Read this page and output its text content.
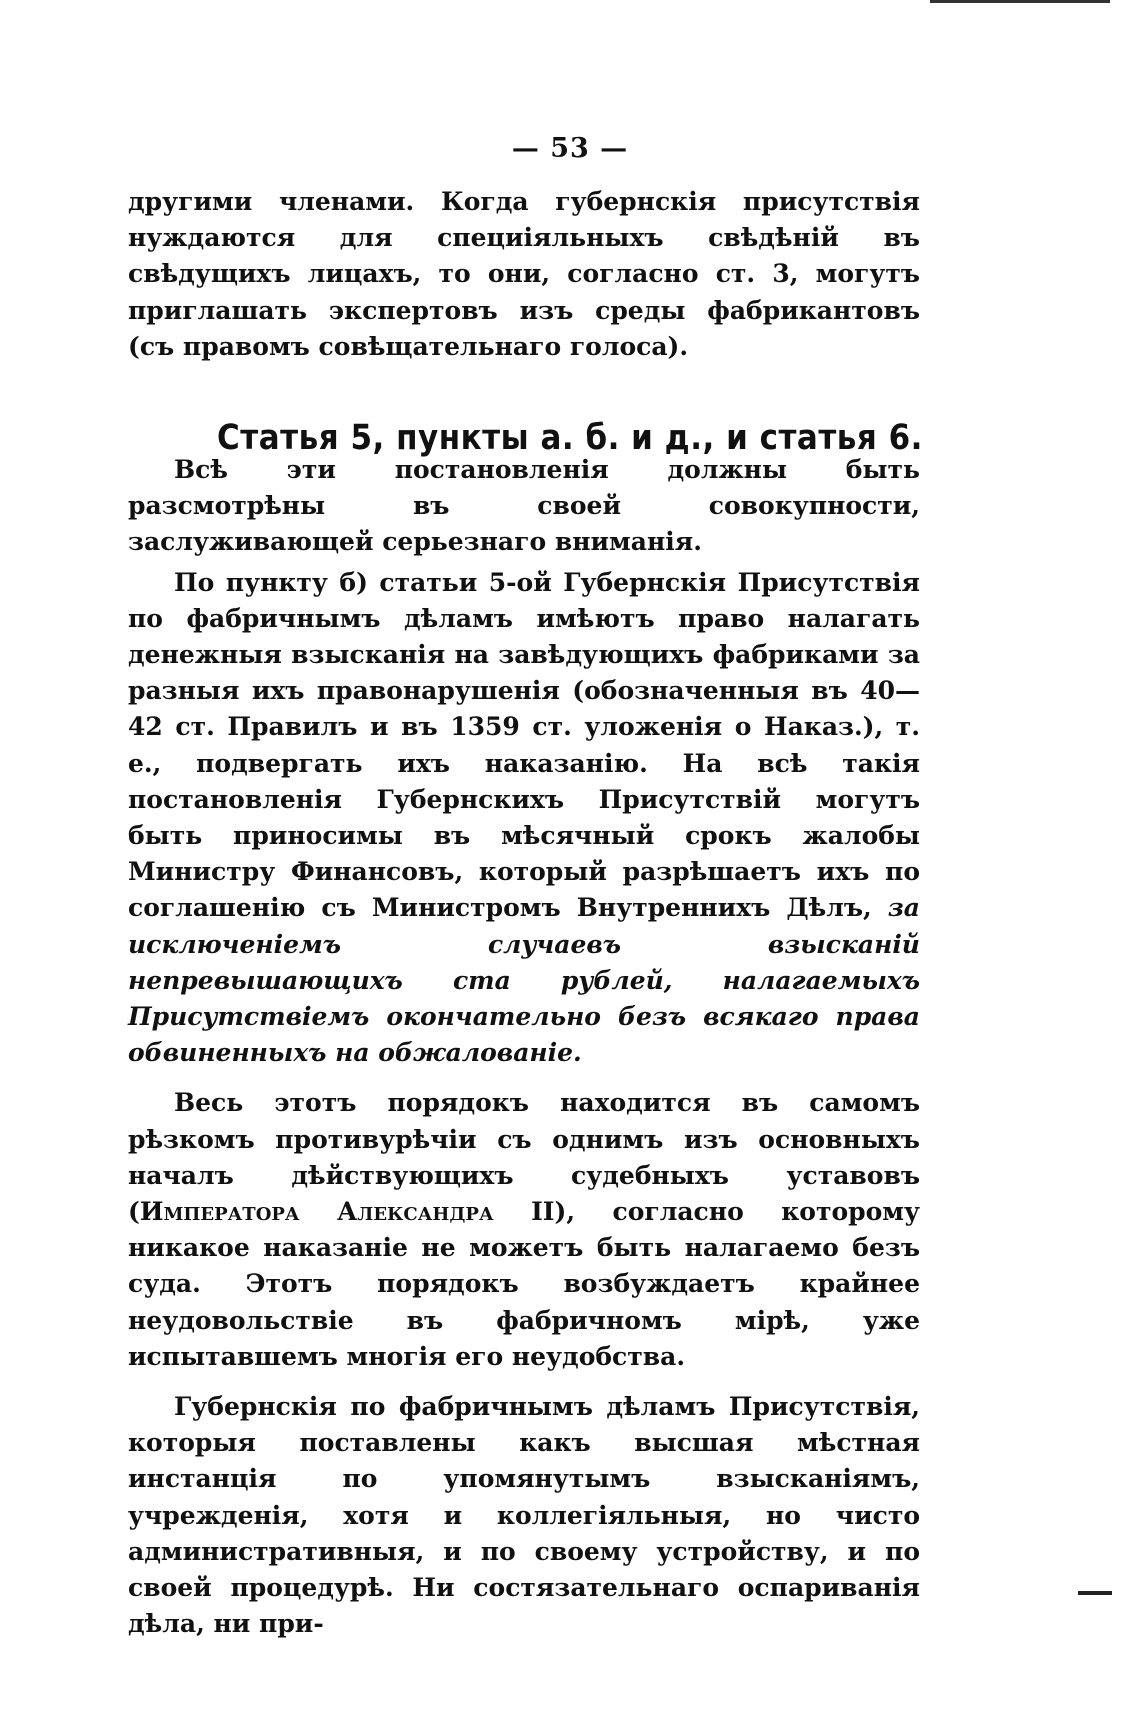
— 53 —

другими членами. Когда губернскія присутствія нуждаются для специіяльныхъ свѣдѣній въ свѣдущихъ лицахъ, то они, согласно ст. 3, могутъ приглашать экспертовъ изъ среды фабрикантовъ (съ правомъ совѣщательнаго голоса).

Статья 5, пункты а. б. и д., и статья 6.

Всѣ эти постановленія должны быть разсмотрѣны въ своей совокупности, заслуживающей серьезнаго вниманія.

По пункту б) статьи 5-ой Губернскія Присутствія по фабричнымъ дѣламъ имѣютъ право налагать денежныя взысканія на завѣдующихъ фабриками за разныя ихъ правонарушенія (обозначенныя въ 40—42 ст. Правилъ и въ 1359 ст. уложенія о Наказ.), т. е., подвергать ихъ наказанію. На всѣ такія постановленія Губернскихъ Присутствій могутъ быть приносимы въ мѣсячный срокъ жалобы Министру Финансовъ, который разрѣшаетъ ихъ по соглашенію съ Министромъ Внутреннихъ Дѣлъ, за исключеніемъ случаевъ взысканій непревышающихъ ста рублей, налагаемыхъ Присутствіемъ окончательно безъ всякаго права обвиненныхъ на обжалованіе.

Весь этотъ порядокъ находится въ самомъ рѣзкомъ противурѣчіи съ однимъ изъ основныхъ началъ дѣйствующихъ судебныхъ уставовъ (Императора Александра II), согласно которому никакое наказаніе не можетъ быть налагаемо безъ суда. Этотъ порядокъ возбуждаетъ крайнее неудовольствіе въ фабричномъ мірѣ, уже испытавшемъ многія его неудобства.

Губернскія по фабричнымъ дѣламъ Присутствія, которыя поставлены какъ высшая мѣстная инстанція по упомянутымъ взысканіямъ, учрежденія, хотя и коллегіяльныя, но чисто административныя, и по своему устройству, и по своей процедурѣ. Ни состязательнаго оспариванія дѣла, ни при-
